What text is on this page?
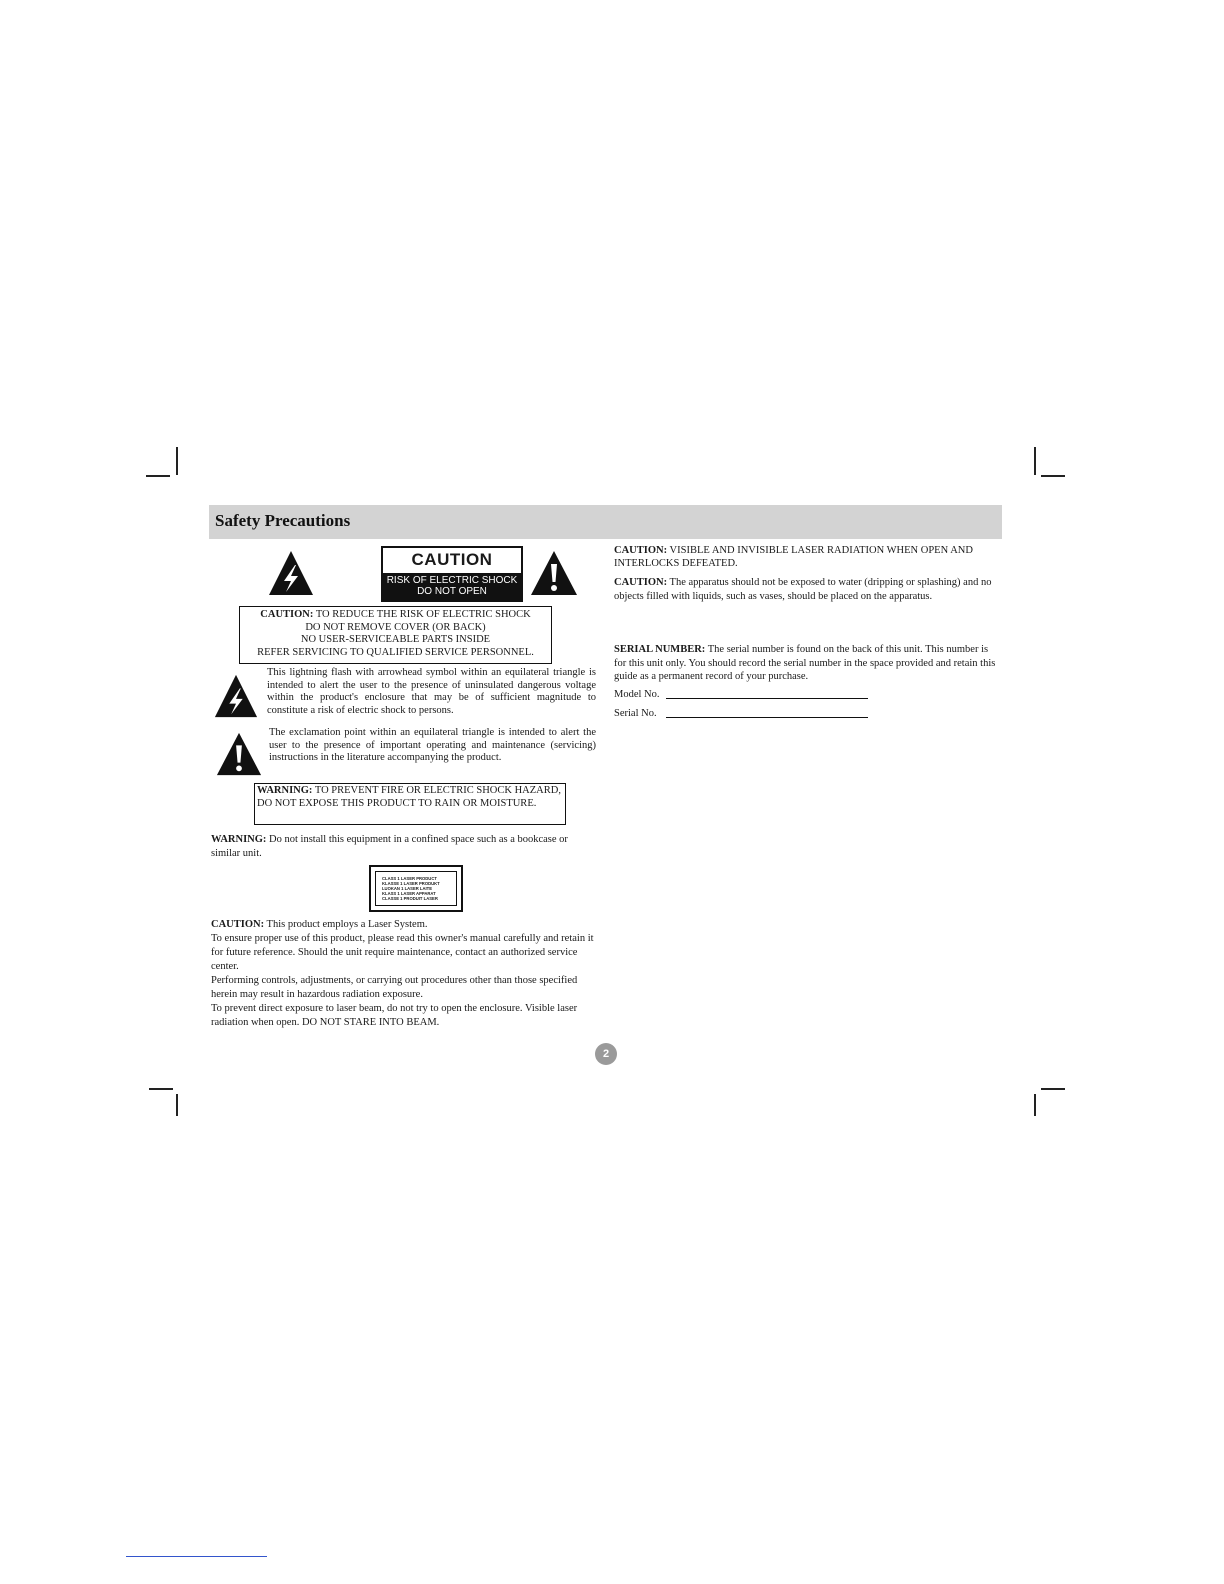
Safety Precautions
CAUTION
RISK OF ELECTRIC SHOCK
DO NOT OPEN
CAUTION: TO REDUCE THE RISK OF ELECTRIC SHOCK
DO NOT REMOVE COVER (OR BACK)
NO USER-SERVICEABLE PARTS INSIDE
REFER SERVICING TO QUALIFIED SERVICE PERSONNEL.
This lightning flash with arrowhead symbol within an equilateral triangle is intended to alert the user to the presence of uninsulated dangerous voltage within the product's enclosure that may be of sufficient magnitude to constitute a risk of electric shock to persons.
The exclamation point within an equilateral triangle is intended to alert the user to the presence of important operating and maintenance (servicing) instructions in the literature accompanying the product.
WARNING: TO PREVENT FIRE OR ELECTRIC SHOCK HAZARD, DO NOT EXPOSE THIS PRODUCT TO RAIN OR MOISTURE.
WARNING: Do not install this equipment in a confined space such as a bookcase or similar unit.
CLASS 1 LASER PRODUCT
KLASSE 1 LASER PRODUKT
LUOKAN 1 LASER LAITE
KLASS 1 LASER APPARAT
CLASSE 1 PRODUIT LASER
CAUTION: This product employs a Laser System.
To ensure proper use of this product, please read this owner's manual carefully and retain it for future reference. Should the unit require maintenance, contact an authorized service center.
Performing controls, adjustments, or carrying out procedures other than those specified herein may result in hazardous radiation exposure.
To prevent direct exposure to laser beam, do not try to open the enclosure. Visible laser radiation when open. DO NOT STARE INTO BEAM.
CAUTION: VISIBLE AND INVISIBLE LASER RADIATION WHEN OPEN AND INTERLOCKS DEFEATED.
CAUTION: The apparatus should not be exposed to water (dripping or splashing) and no objects filled with liquids, such as vases, should be placed on the apparatus.
SERIAL NUMBER: The serial number is found on the back of this unit. This number is for this unit only. You should record the serial number in the space provided and retain this guide as a permanent record of your purchase.
Model No.
Serial No.
2
